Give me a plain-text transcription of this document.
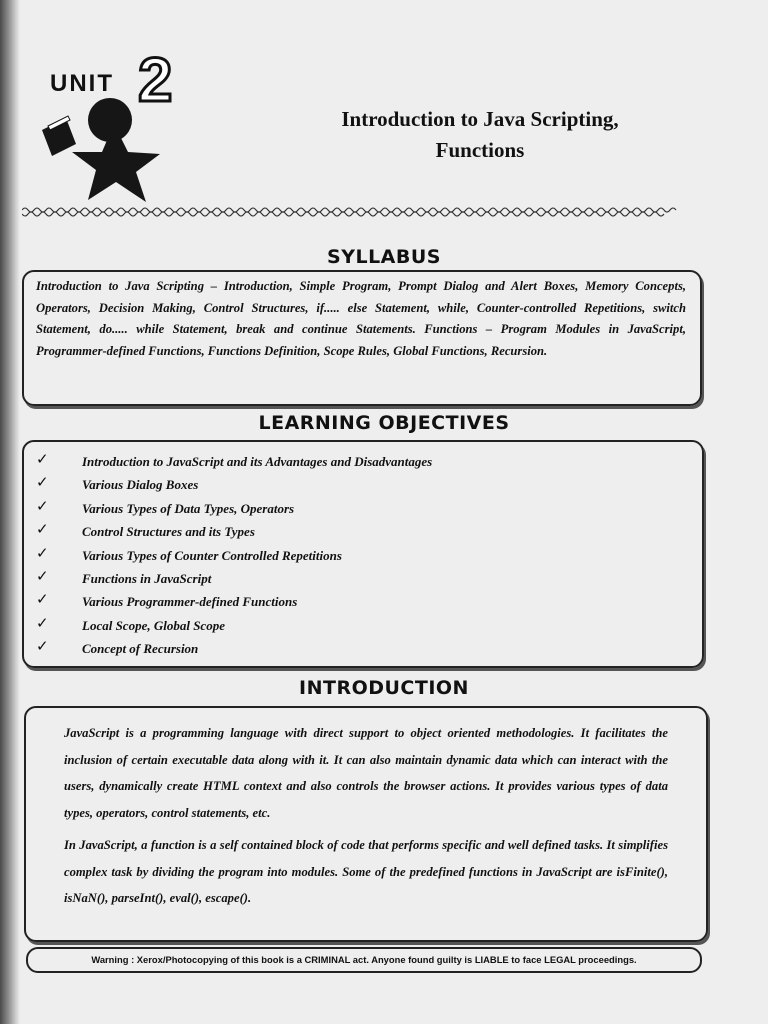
UNIT 2
Introduction to Java Scripting,
Functions
SYLLABUS
Introduction to Java Scripting – Introduction, Simple Program, Prompt Dialog and Alert Boxes, Memory Concepts, Operators, Decision Making, Control Structures, if..... else Statement, while, Counter-controlled Repetitions, switch Statement, do..... while Statement, break and continue Statements. Functions – Program Modules in JavaScript, Programmer-defined Functions, Functions Definition, Scope Rules, Global Functions, Recursion.
LEARNING OBJECTIVES
✓	Introduction to JavaScript and its Advantages and Disadvantages
✓	Various Dialog Boxes
✓	Various Types of Data Types, Operators
✓	Control Structures and its Types
✓	Various Types of Counter Controlled Repetitions
✓	Functions in JavaScript
✓	Various Programmer-defined Functions
✓	Local Scope, Global Scope
✓	Concept of Recursion
INTRODUCTION

JavaScript is a programming language with direct support to object oriented methodologies. It facilitates the inclusion of certain executable data along with it. It can also maintain dynamic data which can interact with the users, dynamically create HTML context and also controls the browser actions. It provides various types of data types, operators, control statements, etc.

In JavaScript, a function is a self contained block of code that performs specific and well defined tasks. It simplifies complex task by dividing the program into modules. Some of the predefined functions in JavaScript are isFinite(), isNaN(), parseInt(), eval(), escape().

Warning : Xerox/Photocopying of this book is a CRIMINAL act. Anyone found guilty is LIABLE to face LEGAL proceedings.
